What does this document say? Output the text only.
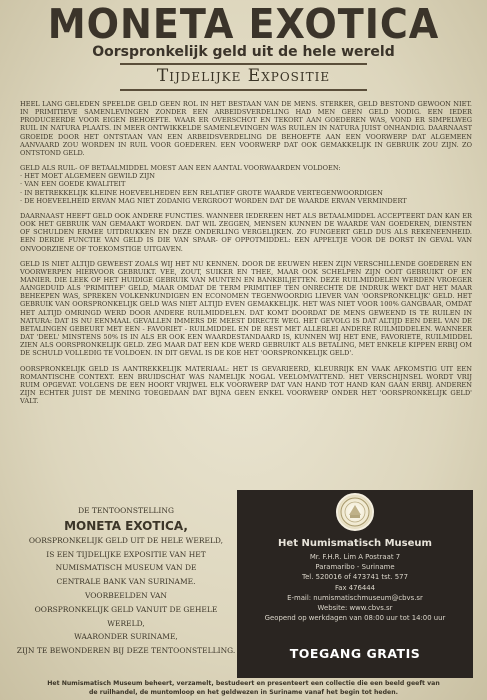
MONETA EXOTICA
Oorspronkelijk geld uit de hele wereld
Tijdelijke Expositie

HEEL LANG GELEDEN SPEELDE GELD GEEN ROL IN HET BESTAAN VAN DE MENS. STERKER, GELD BESTOND GEWOON NIET. IN PRIMITIEVE SAMENLEVINGEN ZONDER EEN ARBEIDSVERDELING HAD MEN GEEN GELD NODIG. EEN IEDER PRODUCEERDE VOOR EIGEN BEHOEFTE. WAAR ER OVERSCHOT EN TEKORT AAN GOEDEREN WAS, VOND ER SIMPELWEG RUIL IN NATURA PLAATS. IN MEER ONTWIKKELDE SAMENLEVINGEN WAS RUILEN IN NATURA JUIST ONHANDIG. DAARNAAST GROEIDE DOOR HET ONTSTAAN VAN EEN ARBEIDSVERDELING DE BEHOEFTE AAN EEN VOORWERP DAT ALGEMEEN AANVAARD ZOU WORDEN IN RUIL VOOR GOEDEREN. EEN VOORWERP DAT OOK GEMAKKELIJK IN GEBRUIK ZOU ZIJN. ZO ONTSTOND GELD.

GELD ALS RUIL- OF BETAALMIDDEL MOEST AAN EEN AANTAL VOORWAARDEN VOLDOEN:

· HET MOET ALGEMEEN GEWILD ZIJN
· VAN EEN GOEDE KWALITEIT
· IN BETREKKELIJK KLEINE HOEVEELHEDEN EEN RELATIEF GROTE WAARDE VERTEGENWOORDIGEN
· DE HOEVEELHEID ERVAN MAG NIET ZODANIG VERGROOT WORDEN DAT DE WAARDE ERVAN VERMINDERT

DAARNAAST HEEFT GELD OOK ANDERE FUNCTIES. WANNEER IEDEREEN HET ALS BETAALMIDDEL ACCEPTEERT DAN KAN ER OOK HET GEBRUIK VAN GEMAAKT WORDEN. DAT WIL ZEGGEN, MENSEN KUNNEN DE WAARDE VAN GOEDEREN, DIENSTEN OF SCHULDEN ERMEE UITDRUKKEN EN DEZE ONDERLING VERGELIJKEN. ZO FUNGEERT GELD DUS ALS REKENEENHEID. EEN DERDE FUNCTIE VAN GELD IS DIE VAN SPAAR- OF OPPOTMIDDEL: EEN APPELTJE VOOR DE DORST IN GEVAL VAN ONVOORZIENE OF TOEKOMSTIGE UITGAVEN.

GELD IS NIET ALTIJD GEWEEST ZOALS WIJ HET NU KENNEN. DOOR DE EEUWEN HEEN ZIJN VERSCHILLENDE GOEDEREN EN VOORWERPEN HIERVOOR GEBRUIKT. VEE, ZOUT, SUIKER EN THEE, MAAR OOK SCHELPEN ZIJN OOIT GEBRUIKT OF EN MANIER. DIE LEEK OF HET HUIDIGE GEBRUIK VAN MUNTEN EN BANKBILJETTEN. DEZE RUILMIDDELEN WERDEN VROEGER AANGEDUID ALS 'PRIMITIEF' GELD, MAAR OMDAT DE TERM PRIMITIEF TEN ONRECHTE DE INDRUK WEKT DAT HET MAAR BEHEEPEN WAS, SPREKEN VOLKENKUNDIGEN EN ECONOMEN TEGENWOORDIG LIEVER VAN 'OORSPRONKELIJK' GELD. HET GEBRUIK VAN OORSPRONKELIJK GELD WAS NIET ALTIJD EVEN GEMAKKELIJK. HET WAS NIET VOOR 100% GANGBAAR, OMDAT HET ALTIJD OMRINGD WERD DOOR ANDERE RUILMIDDELEN. DAT KOMT DOORDAT DE MENS GEWEEND IS TE RUILEN IN NATURA: DAT IS NU EENMAAL GEVALLEN IMMERS DE MEEST DIRECTE WEG. HET GEVOLG IS DAT ALTIJD EEN DEEL VAN DE BETALINGEN GEBEURT MET EEN - FAVORIET - RUILMIDDEL EN DE REST MET ALLERLEI ANDERE RUILMIDDELEN. WANNEER DAT 'DEEL' MINSTENS 50% IS IN ALS ER OOK EEN WAARDESTANDAARD IS, KUNNEN WIJ HET ENE, FAVORIETE, RUILMIDDEL ZIEN ALS OORSPRONKELIJK GELD. ZEG MAAR DAT EEN KDE WERD GEBRUIKT ALS BETALING, MET ENKELE KIPPEN ERBIJ OM DE SCHULD VOLLEDIG TE VOLDOEN. IN DIT GEVAL IS DE KOE HET 'OORSPRONKELIJK GELD'.

OORSPRONKELIJK GELD IS AANTREKKELIJK MATERIAAL: HET IS GEVARIEERD, KLEURRIJK EN VAAK AFKOMSTIG UIT EEN ROMANTISCHE CONTEXT. EEN BRUIDSCHAT WAS NAMELIJK NOGAL VEELOMVATTEND. HET VERSCHIJNSEL WORDT VRIJ RUIM OPGEVAT. VOLGENS DE EEN HOORT VRIJWEL ELK VOORWERP DAT VAN HAND TOT HAND KAN GAAN ERBIJ. ANDEREN ZIJN ECHTER JUIST DE MENING TOEGEDAAN DAT BIJNA GEEN ENKEL VOORWERP ONDER HET 'OORSPRONKELIJK GELD' VALT.

DE TENTOONSTELLING
MONETA EXOTICA,
OORSPRONKELIJK GELD UIT DE HELE WERELD,
IS EEN TIJDELIJKE EXPOSITIE VAN HET
NUMISMATISCH MUSEUM VAN DE
CENTRALE BANK VAN SURINAME.
VOORBEELDEN VAN
OORSPRONKELIJK GELD VANUIT DE GEHELE WERELD,
WAARONDER SURINAME,
ZIJN TE BEWONDEREN BIJ DEZE TENTOONSTELLING.
Het Numismatisch Museum
Mr. F.H.R. Lim A Postraat 7
Paramaribo - Suriname
Tel. 520016 of 473741 tst. 577
Fax 476444
E-mail: numismatischmuseum@cbvs.sr
Website: www.cbvs.sr
Geopend op werkdagen van 08:00 uur tot 14:00 uur
TOEGANG GRATIS
Het Numismatisch Museum beheert, verzamelt, bestudeert en presenteert een collectie die een beeld geeft van
de ruilhandel, de muntomloop en het geldwezen in Suriname vanaf het begin tot heden.
